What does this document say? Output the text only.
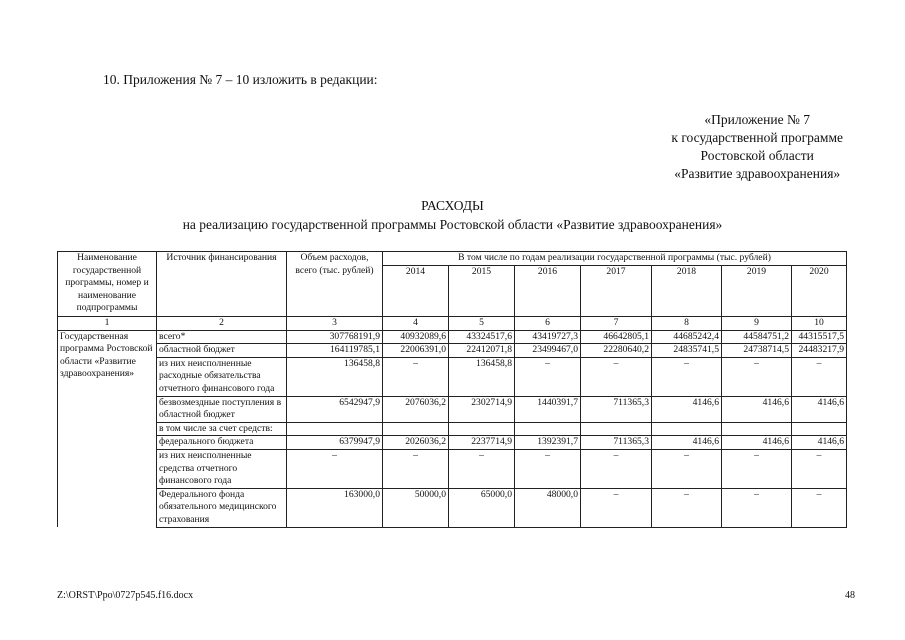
10. Приложения № 7 – 10 изложить в редакции:
«Приложение № 7
к государственной программе
Ростовской области
«Развитие здравоохранения»
РАСХОДЫ
на реализацию государственной программы Ростовской области «Развитие здравоохранения»
Наименование государственной программы, номер и наименование подпрограммы	Источник финансирования	Объем расходов, всего (тыс. рублей)	В том числе по годам реализации государственной программы (тыс. рублей)						
			2014	2015	2016	2017	2018	2019	2020
1	2	3	4	5	6	7	8	9	10
Государственная программа Ростовской области «Развитие здравоохранения»	всего*	307768191,9	40932089,6	43324517,6	43419727,3	46642805,1	44685242,4	44584751,2	44315517,5
	областной бюджет	164119785,1	22006391,0	22412071,8	23499467,0	22280640,2	24835741,5	24738714,5	24483217,9
	из них неисполненные расходные обязательства отчетного финансового года	136458,8	–	136458,8	–	–	–	–	–
	безвозмездные поступления в областной бюджет	6542947,9	2076036,2	2302714,9	1440391,7	711365,3	4146,6	4146,6	4146,6
	в том числе за счет средств:								
	федерального бюджета	6379947,9	2026036,2	2237714,9	1392391,7	711365,3	4146,6	4146,6	4146,6
	из них неисполненные средства отчетного финансового года	–	–	–	–	–	–	–	–
	Федерального фонда обязательного медицинского страхования	163000,0	50000,0	65000,0	48000,0	–	–	–	–
Z:\ORST\Ppo\0727p545.f16.docx	48
